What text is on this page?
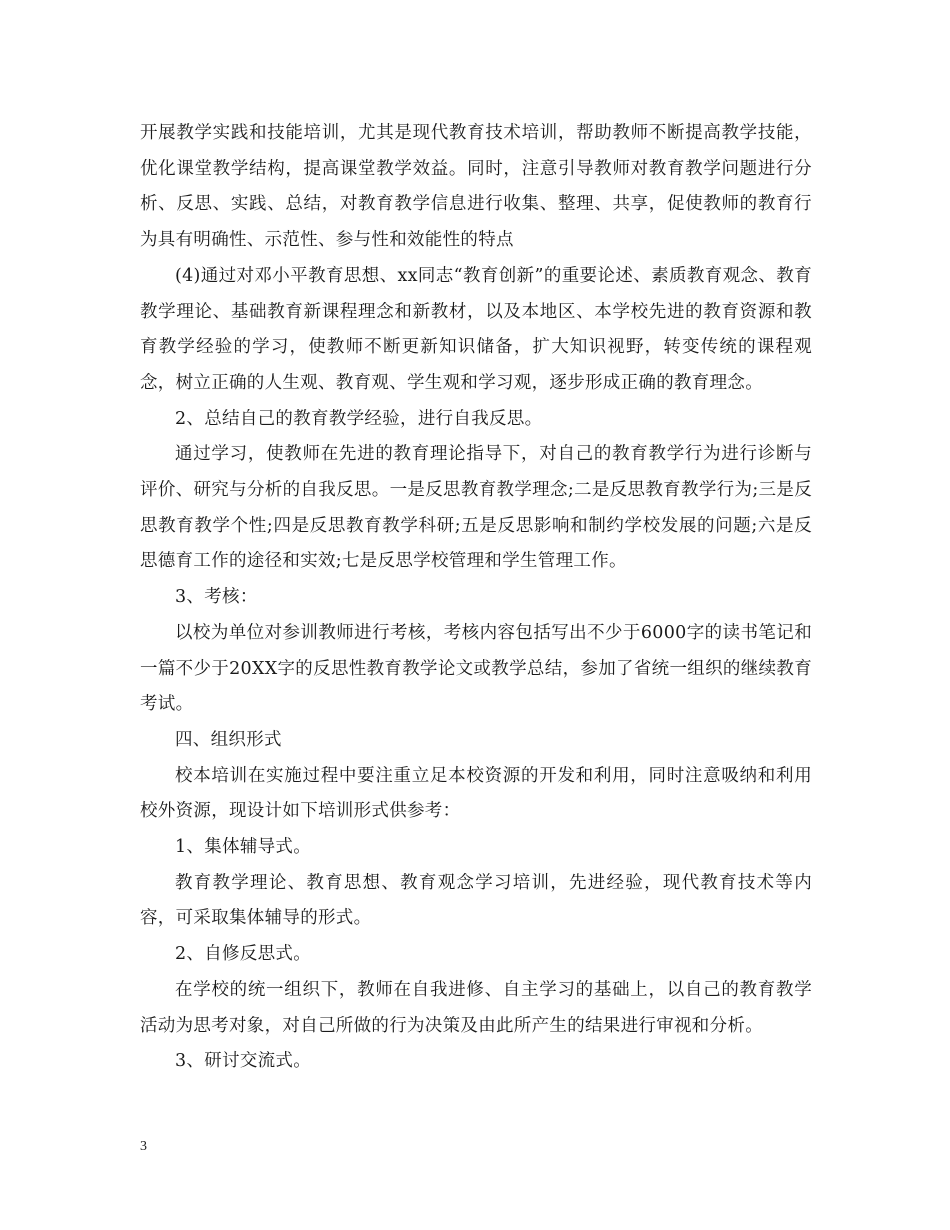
开展教学实践和技能培训，尤其是现代教育技术培训，帮助教师不断提高教学技能，优化课堂教学结构，提高课堂教学效益。同时，注意引导教师对教育教学问题进行分析、反思、实践、总结，对教育教学信息进行收集、整理、共享，促使教师的教育行为具有明确性、示范性、参与性和效能性的特点

(4)通过对邓小平教育思想、xx同志“教育创新”的重要论述、素质教育观念、教育教学理论、基础教育新课程理念和新教材，以及本地区、本学校先进的教育资源和教育教学经验的学习，使教师不断更新知识储备，扩大知识视野，转变传统的课程观念，树立正确的人生观、教育观、学生观和学习观，逐步形成正确的教育理念。

2、总结自己的教育教学经验，进行自我反思。

通过学习，使教师在先进的教育理论指导下，对自己的教育教学行为进行诊断与评价、研究与分析的自我反思。一是反思教育教学理念;二是反思教育教学行为;三是反思教育教学个性;四是反思教育教学科研;五是反思影响和制约学校发展的问题;六是反思德育工作的途径和实效;七是反思学校管理和学生管理工作。

3、考核：

以校为单位对参训教师进行考核，考核内容包括写出不少于6000字的读书笔记和一篇不少于20XX字的反思性教育教学论文或教学总结，参加了省统一组织的继续教育考试。

四、组织形式

校本培训在实施过程中要注重立足本校资源的开发和利用，同时注意吸纳和利用校外资源，现设计如下培训形式供参考：

1、集体辅导式。

教育教学理论、教育思想、教育观念学习培训，先进经验，现代教育技术等内容，可采取集体辅导的形式。

2、自修反思式。

在学校的统一组织下，教师在自我进修、自主学习的基础上，以自己的教育教学活动为思考对象，对自己所做的行为决策及由此所产生的结果进行审视和分析。

3、研讨交流式。

3
